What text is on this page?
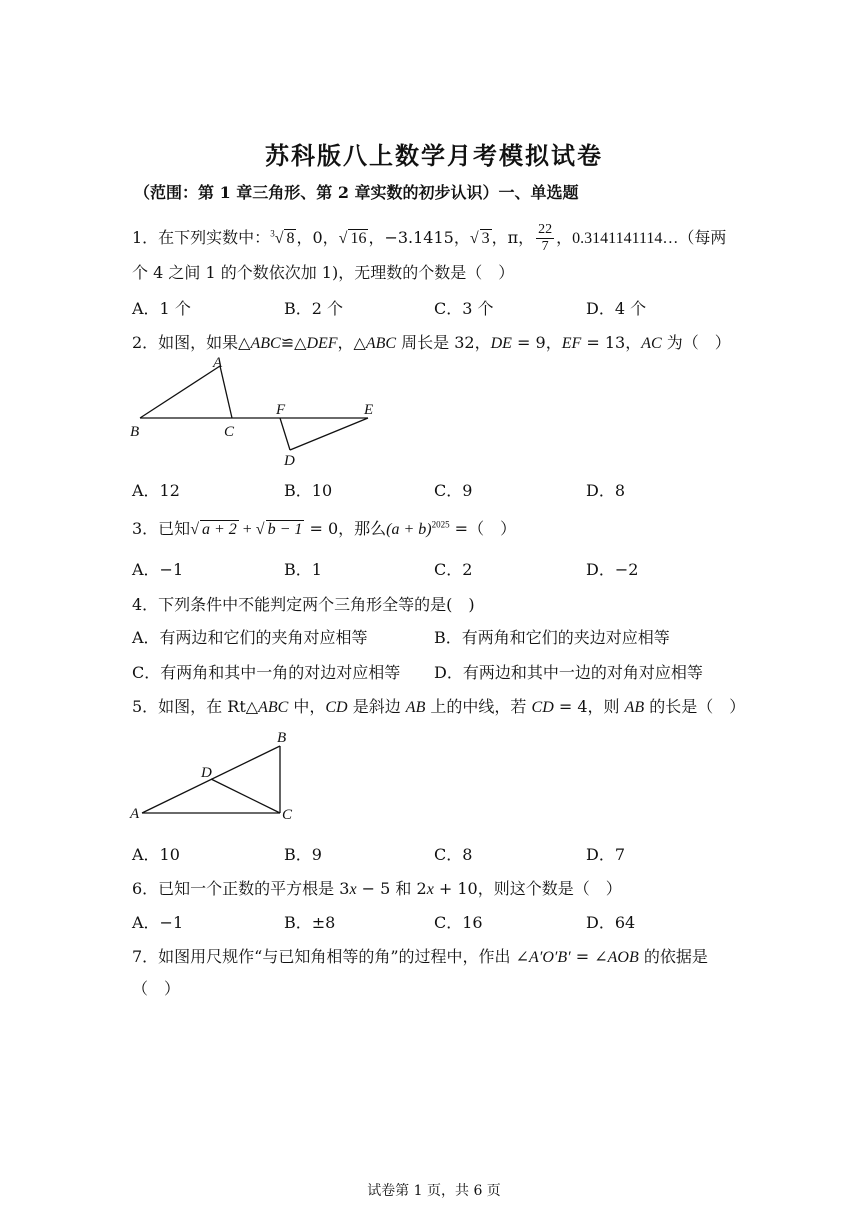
苏科版八上数学月考模拟试卷
（范围：第 1 章三角形、第 2 章实数的初步认识）一、单选题
1．在下列实数中：$^3$√ 8 ，0，√ 16 ，−3.1415，√ 3 ，π， $\frac{22}{7}$ ，0.3141141114…（每两
个 4 之间 1 的个数依次加 1)，无理数的个数是（　）
A．1 个	B．2 个	C．3 个	D．4 个
2．如图，如果△ABC≌△DEF，△ABC 周长是 32，DE = 9，EF = 13，AC 为（　）
A
B	C
F	E
D
A．12	B．10	C．9	D．8
3．已知√ a + 2 + √ b − 1 = 0，那么$(a + b)^{2025}$ =（　）
A．−1	B．1	C．2	D．−2
4．下列条件中不能判定两个三角形全等的是(　)
A．有两边和它们的夹角对应相等	B．有两角和它们的夹边对应相等
C．有两角和其中一角的对边对应相等 D．有两边和其中一边的对角对应相等
5．如图，在 Rt△ABC 中，CD 是斜边 AB 上的中线，若 CD = 4，则 AB 的长是（　）
B
D
A	C
A．10	B．9	C．8	D．7
6．已知一个正数的平方根是 3x − 5 和 2x + 10，则这个数是（　）
A．−1	B．±8	C．16	D．64
7．如图用尺规作“与已知角相等的角”的过程中，作出 ∠A′O′B′ = ∠AOB 的依据是
（　）
试卷第 1 页，共 6 页
